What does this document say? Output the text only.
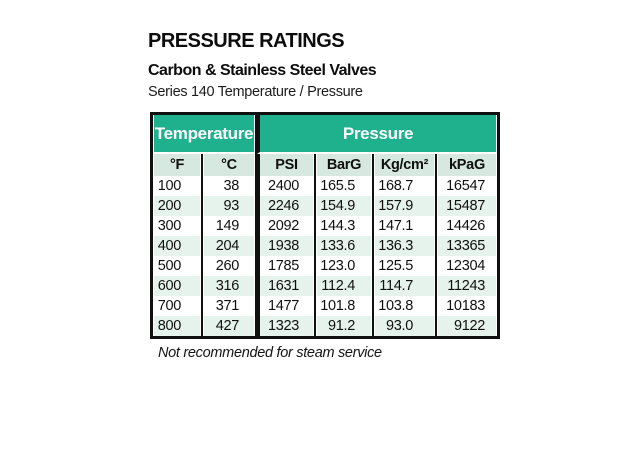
PRESSURE RATINGS
Carbon & Stainless Steel Valves
Series 140 Temperature / Pressure
Temperature		Pressure			
°F	°C	PSI	BarG	Kg/cm²	kPaG
100	38	2400	165.5	168.7	16547
200	93	2246	154.9	157.9	15487
300	149	2092	144.3	147.1	14426
400	204	1938	133.6	136.3	13365
500	260	1785	123.0	125.5	12304
600	316	1631	112.4	114.7	11243
700	371	1477	101.8	103.8	10183
800	427	1323	91.2	93.0	9122
Not recommended for steam service
